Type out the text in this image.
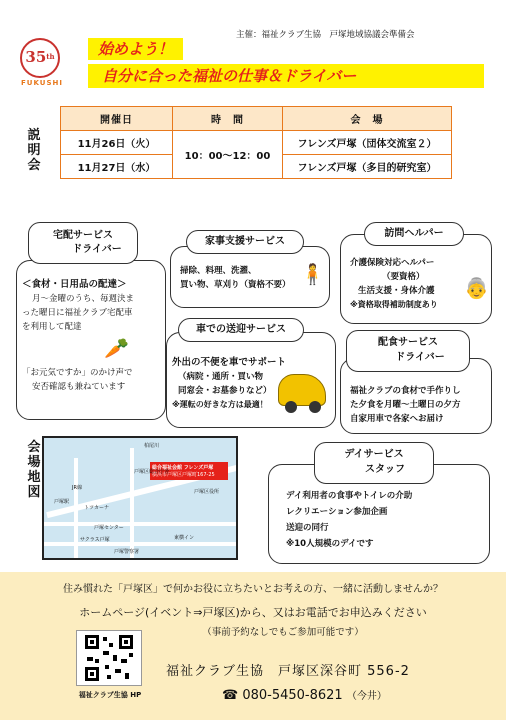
主催：福祉クラブ生協　戸塚地域協議会準備会
35th
FUKUSHI
始めよう！
自分に合った福祉の仕事＆ドライバー
説明会
開催日	時　間	会　場
11月26日（火）	10：00〜12：00	フレンズ戸塚（団体交流室２）
11月27日（水）		フレンズ戸塚（多目的研究室）
宅配サービス
ドライバー
＜食材・日用品の配達＞
月〜金曜のうち、毎週決ま
った曜日に福祉クラブ宅配車
を利用して配達
🥕
「お元気ですか」のかけ声で
安否確認も兼ねています
家事支援サービス
掃除、料理、洗濯、
買い物、草刈り（資格不要） 🧍
訪問ヘルパー
介護保険対応ヘルパー
（要資格）
生活支援・身体介護
※資格取得補助制度あり
👵
車での送迎サービス
外出の不便を車でサポート
（病院・通所・買い物
同窓会・お墓参りなど）
※運転の好きな方は最適！
配食サービス
ドライバー
福祉クラブの食材で手作りし
た夕食を月曜〜土曜日の夕方
自家用車で各家へお届け
会場地図
総合福祉会館 フレンズ戸塚
横浜市戸塚区戸塚町167-25
柏尾川
JR線
戸塚駅
トツカーナ
戸塚区総合庁舎
戸塚区役所
戸塚センター
サクラス戸塚
戸塚警察署
東横イン
デイサービス
スタッフ
デイ利用者の食事やトイレの介助
レクリエーション参加企画
送迎の同行
※10人規模のデイです
住み慣れた「戸塚区」で何かお役に立ちたいとお考えの方、一緒に活動しませんか？
ホームページ(イベント⇒戸塚区)から、又はお電話でお申込みください
（事前予約なしでもご参加可能です）
福祉クラブ生協 HP
福祉クラブ生協　戸塚区深谷町 556-2
☎ 080-5450-8621 （今井）
